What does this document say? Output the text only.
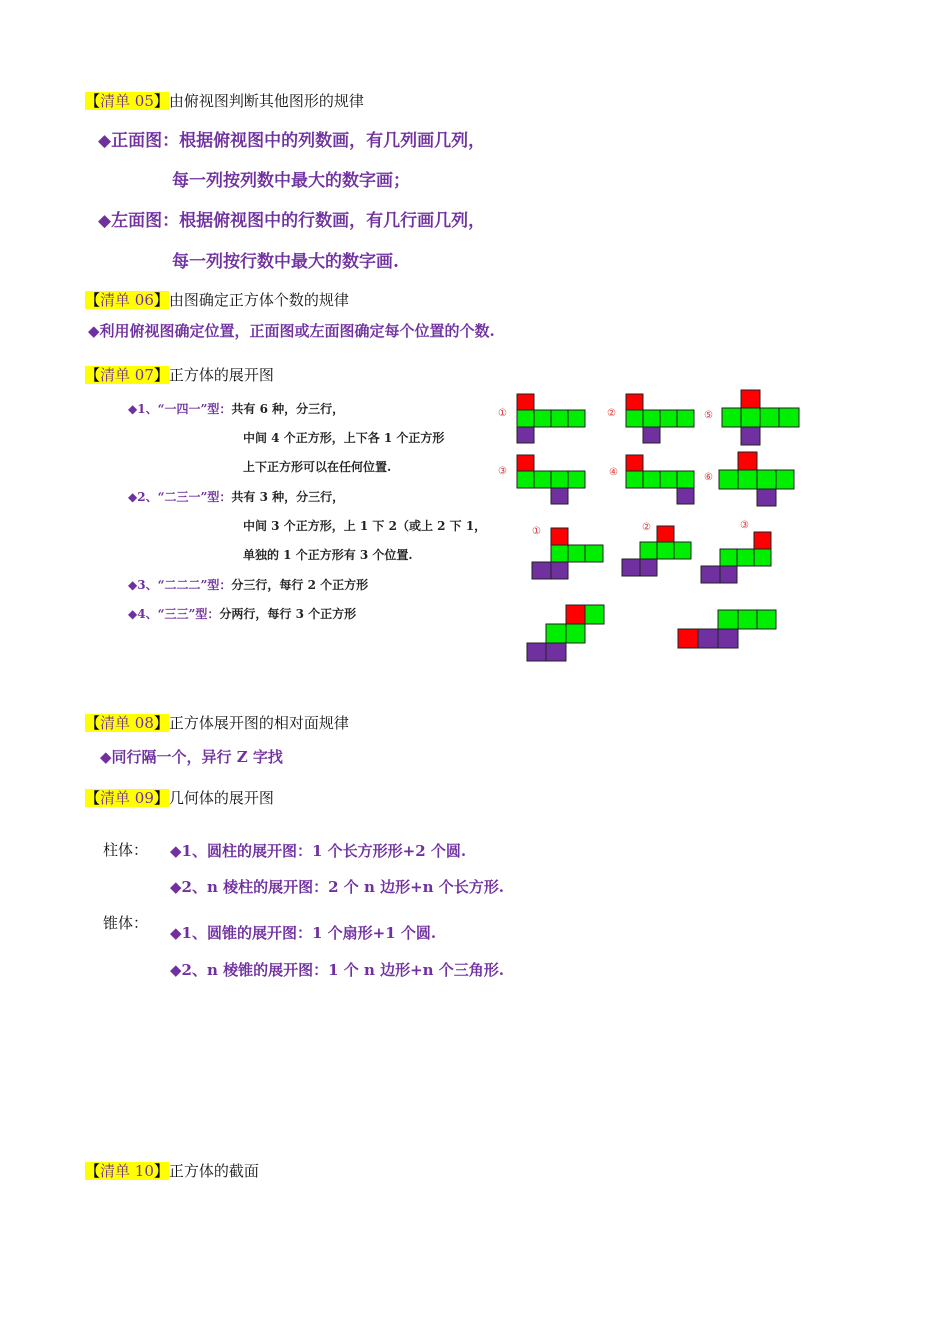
【清单 05】由俯视图判断其他图形的规律
◆正面图：根据俯视图中的列数画，有几列画几列，
每一列按列数中最大的数字画；
◆左面图：根据俯视图中的行数画，有几行画几列，
每一列按行数中最大的数字画.
【清单 06】由图确定正方体个数的规律
◆利用俯视图确定位置，正面图或左面图确定每个位置的个数.
【清单 07】正方体的展开图
◆1、“一四一”型：共有 6 种，分三行，
中间 4 个正方形，上下各 1 个正方形
上下正方形可以在任何位置.
◆2、“二三一”型：共有 3 种，分三行，
中间 3 个正方形，上 1 下 2（或上 2 下 1，
单独的 1 个正方形有 3 个位置.
◆3、“二二二”型：分三行，每行 2 个正方形
◆4、“三三”型：分两行，每行 3 个正方形
①	②	⑤
③	④	⑥
①	②	③
【清单 08】正方体展开图的相对面规律
◆同行隔一个，异行 Z 字找
【清单 09】几何体的展开图
柱体： ◆1、圆柱的展开图：1 个长方形形+2 个圆.
◆2、n 棱柱的展开图：2 个 n 边形+n 个长方形.
锥体：
◆1、圆锥的展开图：1 个扇形+1 个圆.
◆2、n 棱锥的展开图：1 个 n 边形+n 个三角形.
【清单 10】正方体的截面
